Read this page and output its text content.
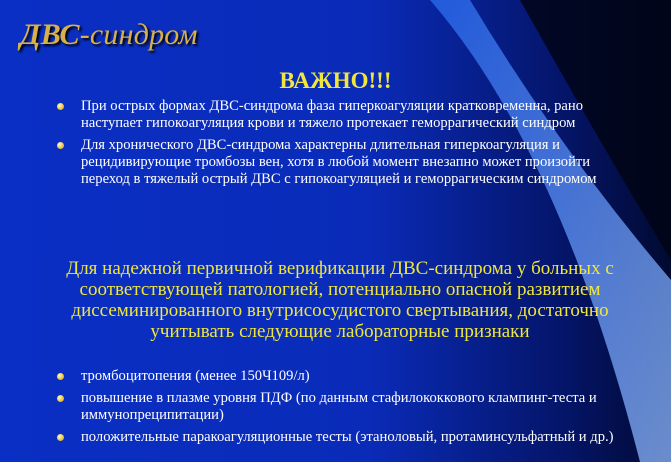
ДВС-синдром
ВАЖНО!!!
При острых формах ДВС-синдрома фаза гиперкоагуляции кратковременна, рано наступает гипокоагуляция крови и тяжело протекает геморрагический синдром
Для хронического ДВС-синдрома характерны длительная гиперкоагуляция и рецидивирующие тромбозы вен, хотя в любой момент внезапно может произойти переход в тяжелый острый ДВС с гипокоагуляцией и геморрагическим синдромом

Для надежной первичной верификации ДВС-синдрома у больных с соответствующей патологией, потенциально опасной развитием диссеминированного внутрисосудистого свертывания, достаточно учитывать следующие лабораторные признаки

тромбоцитопения (менее 150Ч109/л)
повышение в плазме уровня ПДФ (по данным стафилококкового клампинг-теста и иммунопреципитации)
положительные паракоагуляционные тесты (этаноловый, протаминсульфатный и др.)
